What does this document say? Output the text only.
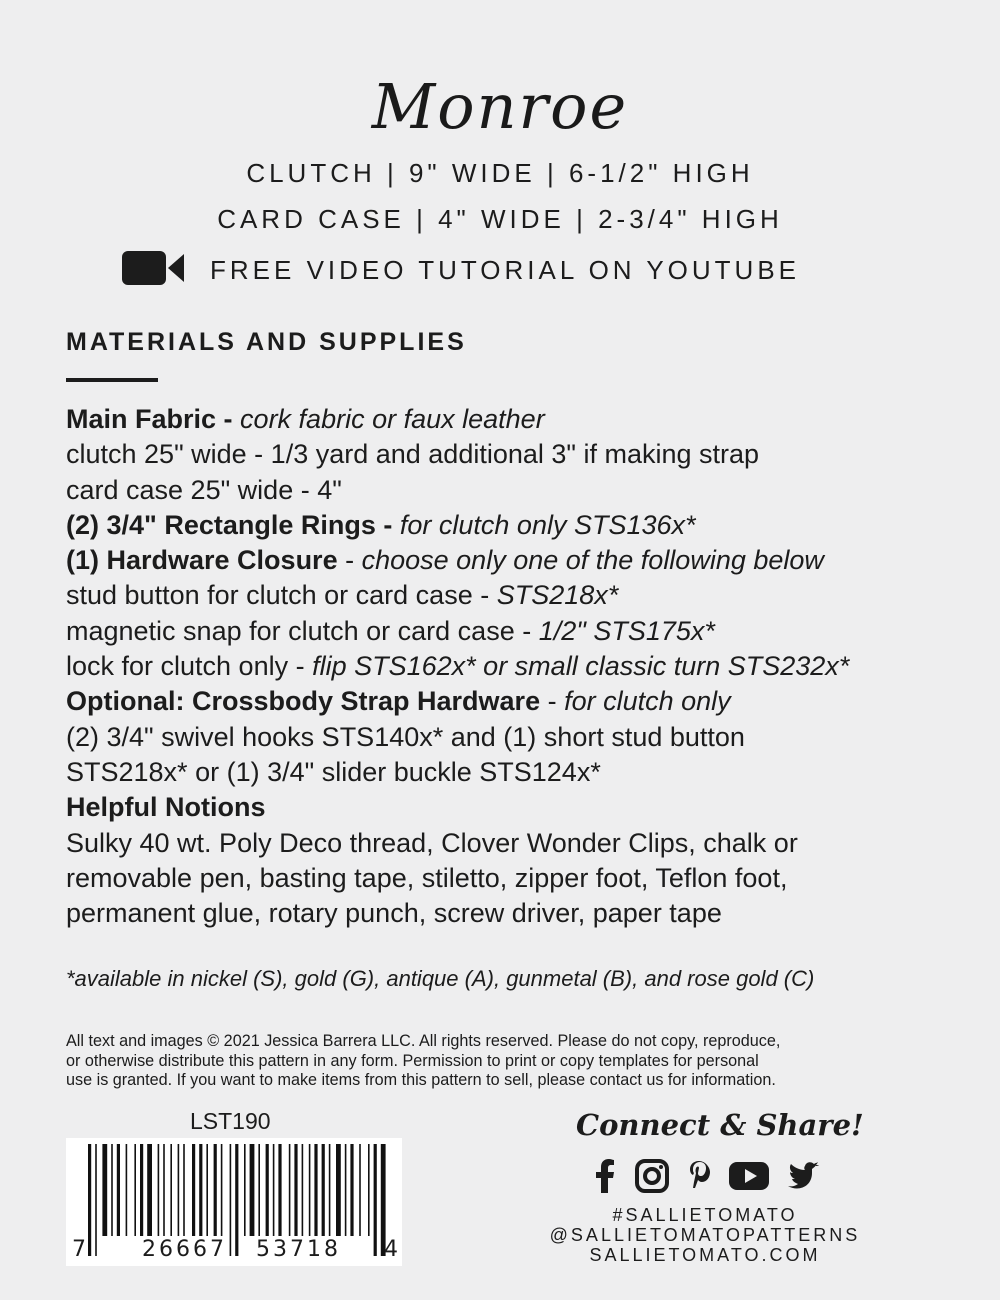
Monroe
CLUTCH | 9" WIDE | 6-1/2" HIGH
CARD CASE | 4" WIDE | 2-3/4" HIGH
FREE VIDEO TUTORIAL ON YOUTUBE
MATERIALS AND SUPPLIES
Main Fabric - cork fabric or faux leather
clutch 25" wide - 1/3 yard and additional 3" if making strap
card case 25" wide - 4"
(2) 3/4" Rectangle Rings - for clutch only STS136x*
(1) Hardware Closure - choose only one of the following below
stud button for clutch or card case - STS218x*
magnetic snap for clutch or card case - 1/2" STS175x*
lock for clutch only - flip STS162x* or small classic turn STS232x*
Optional: Crossbody Strap Hardware - for clutch only
(2) 3/4" swivel hooks STS140x* and (1) short stud button
STS218x* or (1) 3/4" slider buckle STS124x*
Helpful Notions
Sulky 40 wt. Poly Deco thread, Clover Wonder Clips, chalk or
removable pen, basting tape, stiletto, zipper foot, Teflon foot,
permanent glue, rotary punch, screw driver, paper tape
*available in nickel (S), gold (G), antique (A), gunmetal (B), and rose gold (C)
All text and images © 2021 Jessica Barrera LLC. All rights reserved. Please do not copy, reproduce,
or otherwise distribute this pattern in any form. Permission to print or copy templates for personal
use is granted. If you want to make items from this pattern to sell, please contact us for information.
LST190
7 26667 53718 4
Connect & Share!
#SALLIETOMATO
@SALLIETOMATOPATTERNS
SALLIETOMATO.COM
